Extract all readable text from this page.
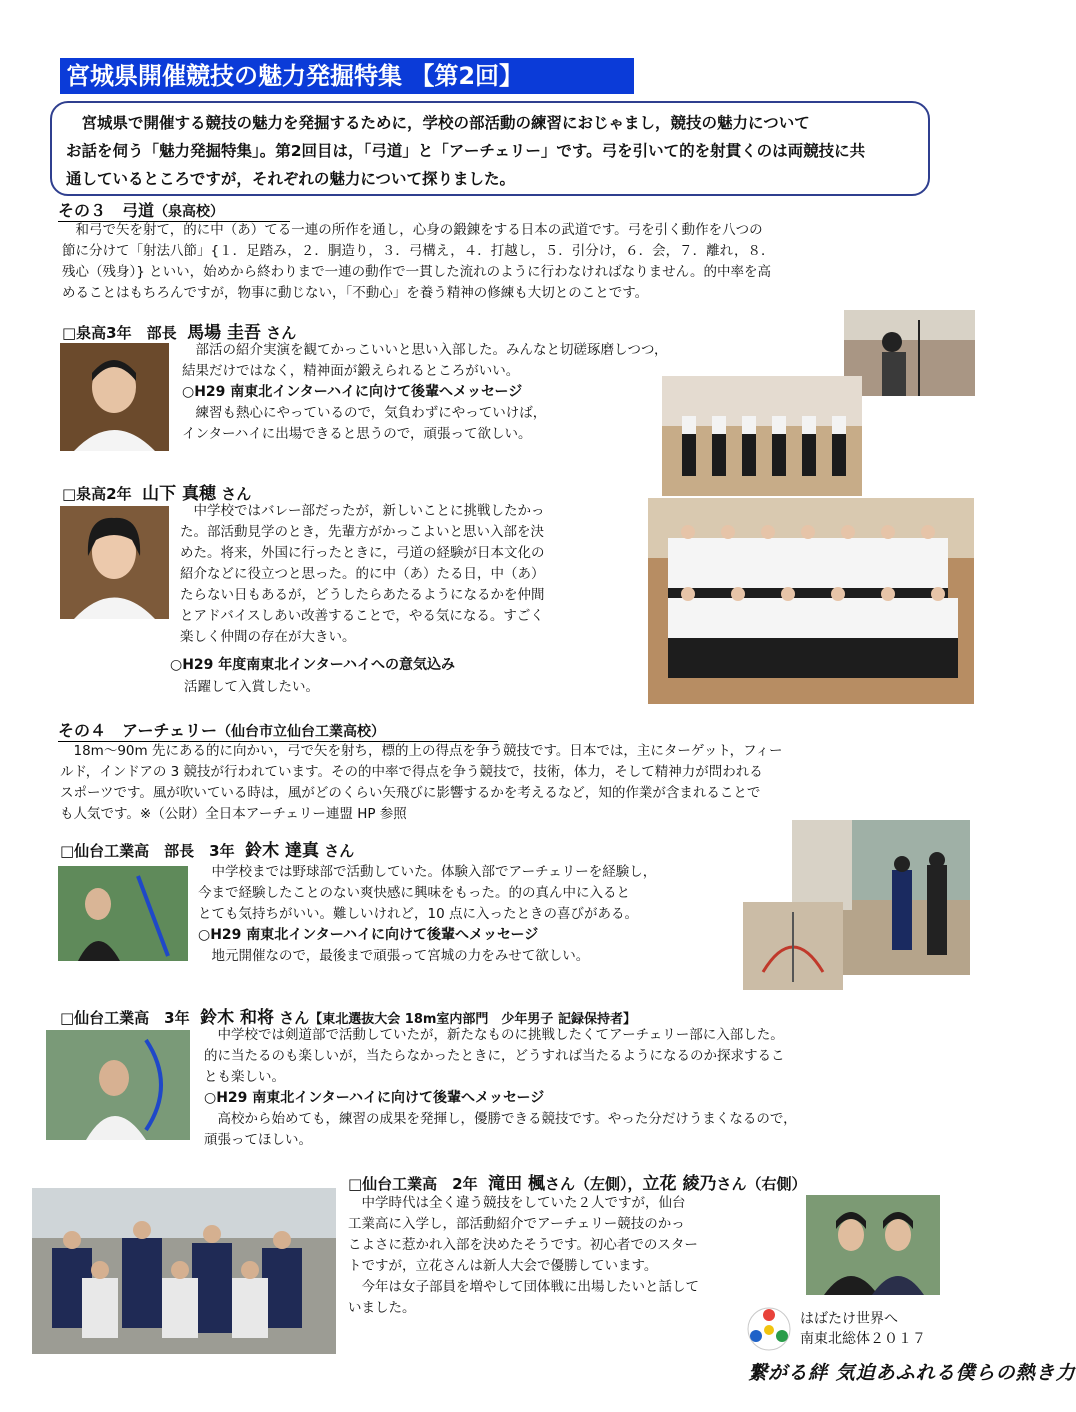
宮城県開催競技の魅力発掘特集 【第2回】

宮城県で開催する競技の魅力を発掘するために，学校の部活動の練習におじゃまし，競技の魅力について

お話を伺う「魅力発掘特集」。第2回目は，「弓道」と「アーチェリー」です。弓を引いて的を射貫くのは両競技に共
通しているところですが，それぞれの魅力について探りました。
その３　弓道（泉高校）
和弓で矢を射て，的に中（あ）てる一連の所作を通し，心身の鍛錬をする日本の武道です。弓を引く動作を八つの
節に分けて「射法八節」{１．足踏み，２．胴造り，３．弓構え，４．打越し，５．引分け，６．会，７．離れ，８．
残心（残身）} といい，始めから終わりまで一連の動作で一貫した流れのように行わなければなりません。的中率を高
めることはもちろんですが，物事に動じない，「不動心」を養う精神の修練も大切とのことです。
□泉高3年　部長 馬場 圭吾 さん
部活の紹介実演を観てかっこいいと思い入部した。みんなと切磋琢磨しつつ，
結果だけではなく，精神面が鍛えられるところがいい。
○H29 南東北インターハイに向けて後輩へメッセージ
練習も熱心にやっているので，気負わずにやっていけば，
インターハイに出場できると思うので，頑張って欲しい。
□泉高2年 山下 真穂 さん
中学校ではバレー部だったが，新しいことに挑戦したかっ
た。部活動見学のとき，先輩方がかっこよいと思い入部を決
めた。将来，外国に行ったときに，弓道の経験が日本文化の
紹介などに役立つと思った。的に中（あ）たる日，中（あ）
たらない日もあるが，どうしたらあたるようになるかを仲間
とアドバイスしあい改善することで，やる気になる。すごく
楽しく仲間の存在が大きい。
○H29 年度南東北インターハイへの意気込み
活躍して入賞したい。
その４　アーチェリー（仙台市立仙台工業高校）
18m～90m 先にある的に向かい，弓で矢を射ち，標的上の得点を争う競技です。日本では，主にターゲット，フィー
ルド，インドアの 3 競技が行われています。その的中率で得点を争う競技で，技術，体力，そして精神力が問われる
スポーツです。風が吹いている時は，風がどのくらい矢飛びに影響するかを考えるなど，知的作業が含まれることで
も人気です。※（公財）全日本アーチェリー連盟 HP 参照
□仙台工業高　部長　3年 鈴木 達真 さん
中学校までは野球部で活動していた。体験入部でアーチェリーを経験し，
今まで経験したことのない爽快感に興味をもった。的の真ん中に入ると
とても気持ちがいい。難しいけれど，10 点に入ったときの喜びがある。
○H29 南東北インターハイに向けて後輩へメッセージ
地元開催なので，最後まで頑張って宮城の力をみせて欲しい。
□仙台工業高　3年 鈴木 和将 さん【東北選抜大会 18m室内部門　少年男子 記録保持者】
中学校では剣道部で活動していたが，新たなものに挑戦したくてアーチェリー部に入部した。
的に当たるのも楽しいが，当たらなかったときに，どうすれば当たるようになるのか探求するこ
とも楽しい。
○H29 南東北インターハイに向けて後輩へメッセージ
高校から始めても，練習の成果を発揮し，優勝できる競技です。やった分だけうまくなるので，
頑張ってほしい。
□仙台工業高　2年 滝田 楓さん（左側），立花 綾乃さん（右側）
中学時代は全く違う競技をしていた２人ですが，仙台
工業高に入学し，部活動紹介でアーチェリー競技のかっ
こよさに惹かれ入部を決めたそうです。初心者でのスター
トですが，立花さんは新人大会で優勝しています。
今年は女子部員を増やして団体戦に出場したいと話して
いました。
はばたけ世界へ
南東北総体２０１７
繋がる絆 気迫あふれる僕らの熱き力
